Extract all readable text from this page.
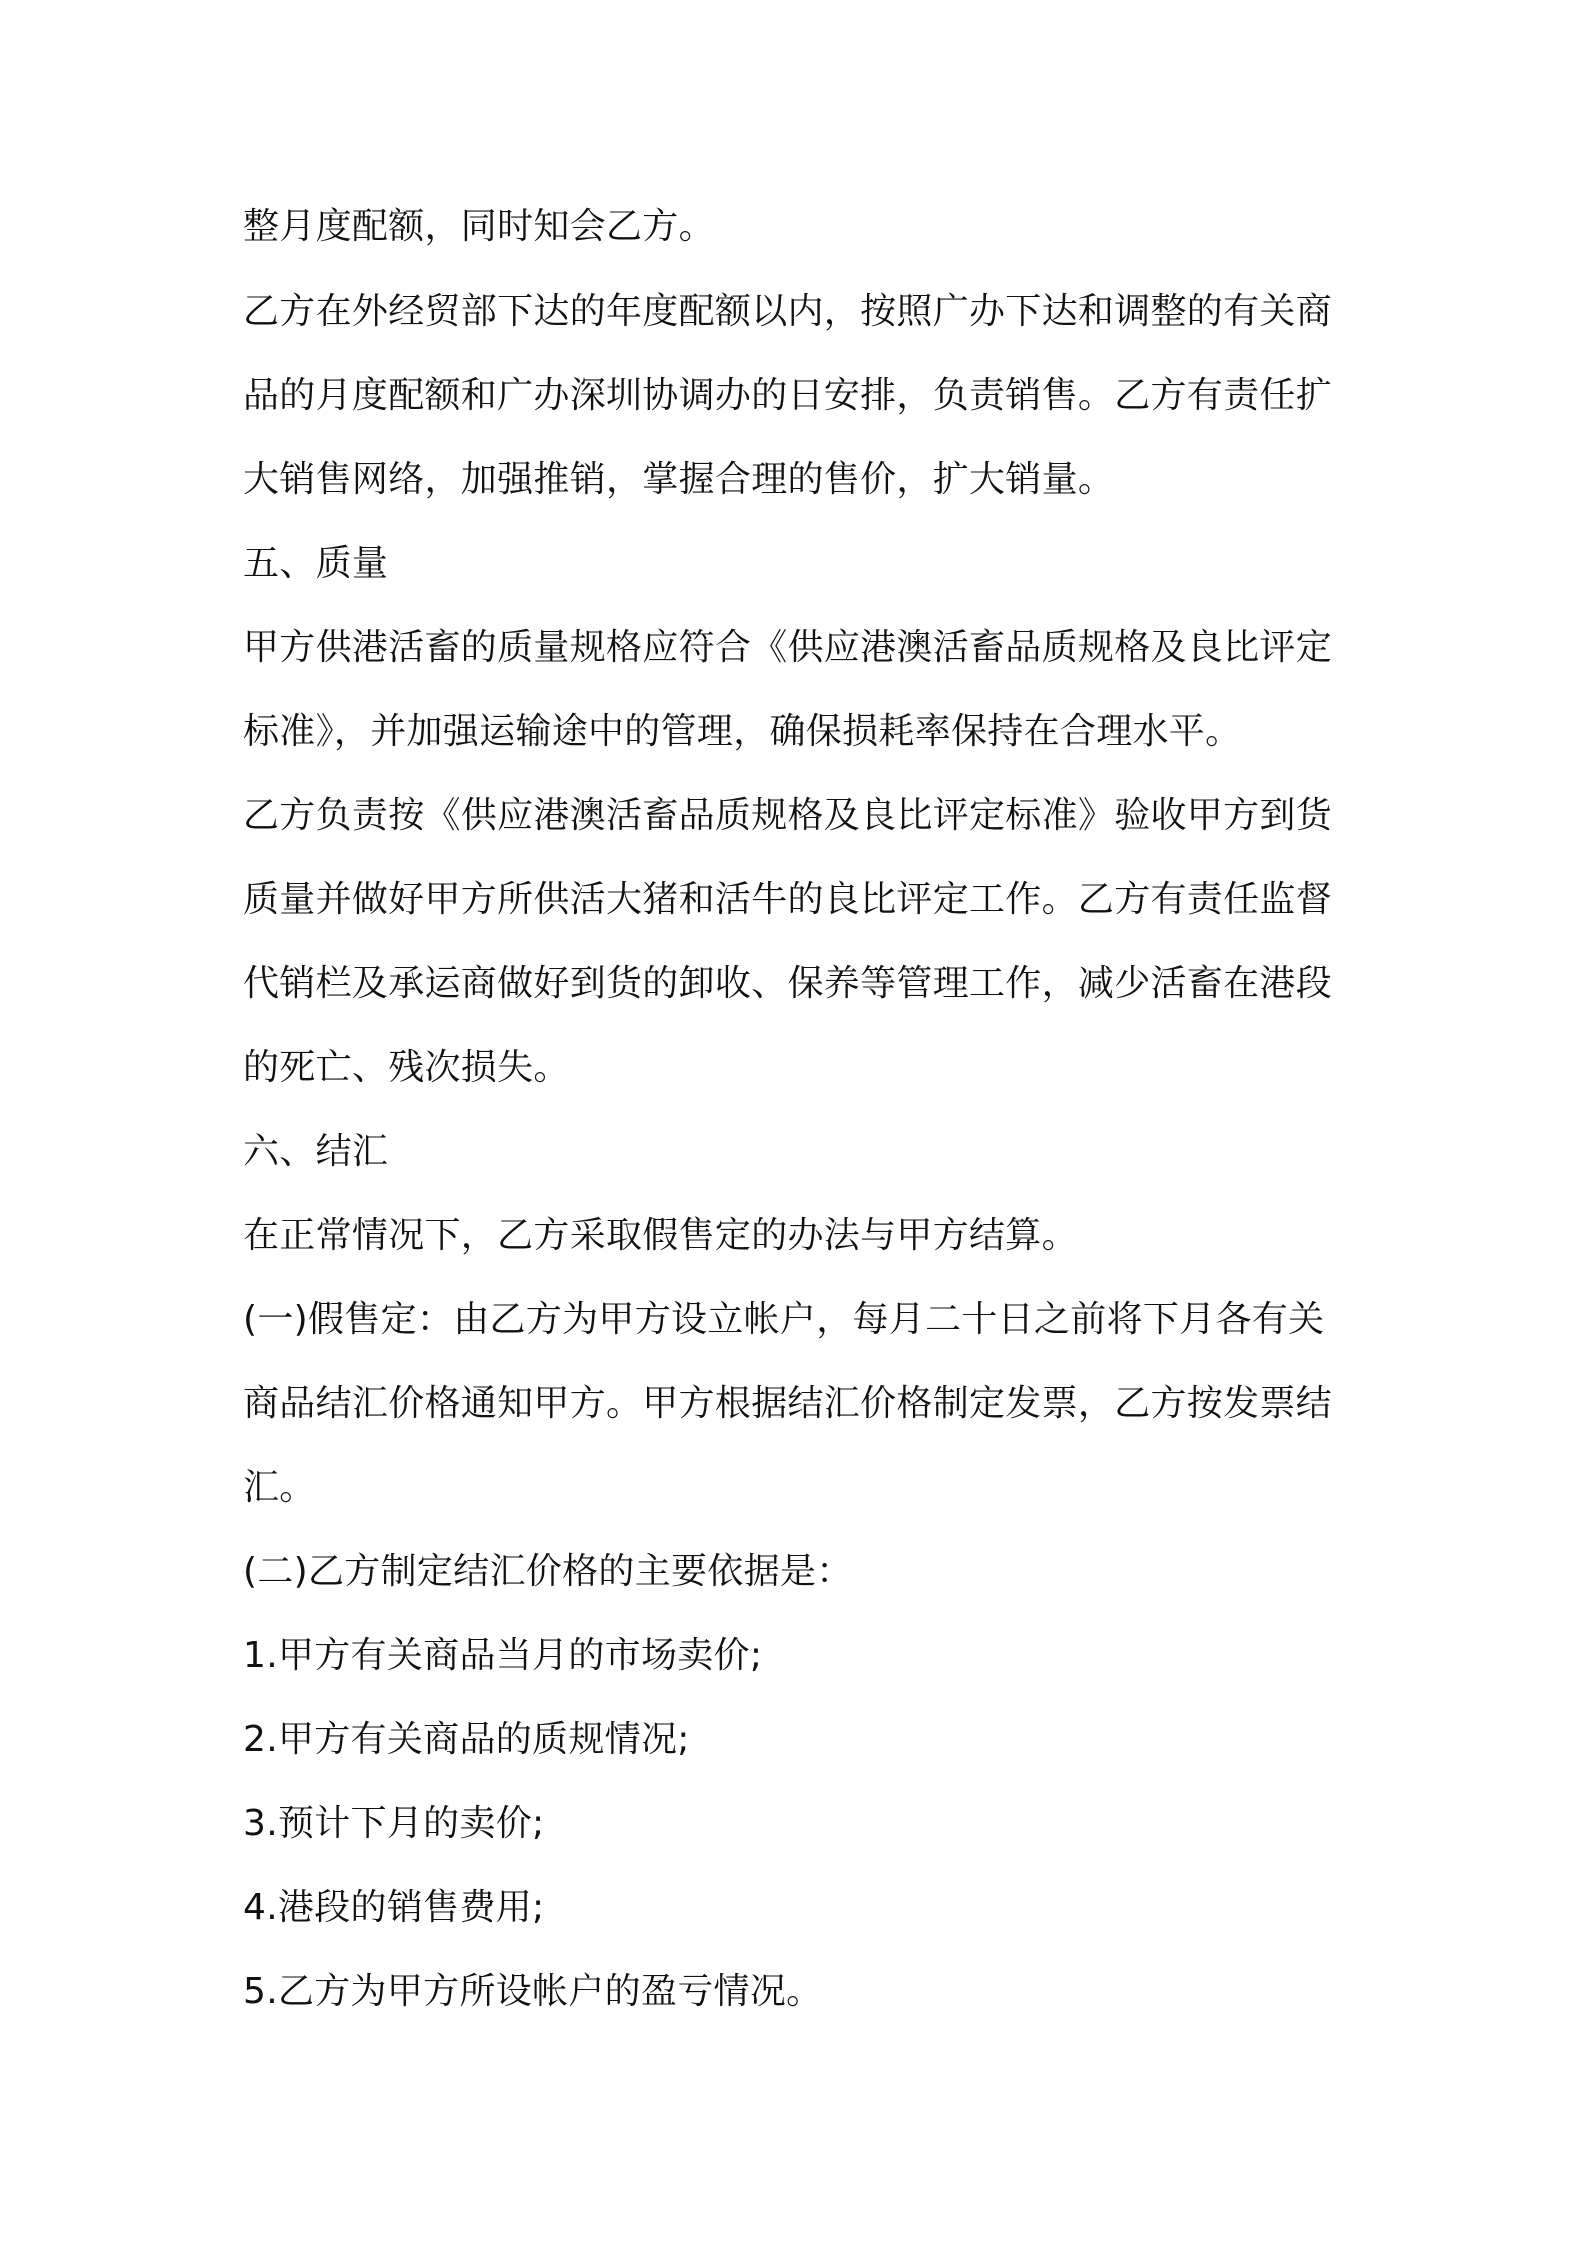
整月度配额，同时知会乙方。

乙方在外经贸部下达的年度配额以内，按照广办下达和调整的有关商

品的月度配额和广办深圳协调办的日安排，负责销售。乙方有责任扩

大销售网络，加强推销，掌握合理的售价，扩大销量。

五、质量

甲方供港活畜的质量规格应符合《供应港澳活畜品质规格及良比评定

标准》，并加强运输途中的管理，确保损耗率保持在合理水平。

乙方负责按《供应港澳活畜品质规格及良比评定标准》验收甲方到货

质量并做好甲方所供活大猪和活牛的良比评定工作。乙方有责任监督

代销栏及承运商做好到货的卸收、保养等管理工作，减少活畜在港段

的死亡、残次损失。

六、结汇

在正常情况下，乙方采取假售定的办法与甲方结算。

(一)假售定：由乙方为甲方设立帐户，每月二十日之前将下月各有关

商品结汇价格通知甲方。甲方根据结汇价格制定发票，乙方按发票结

汇。

(二)乙方制定结汇价格的主要依据是：

1.甲方有关商品当月的市场卖价;

2.甲方有关商品的质规情况;

3.预计下月的卖价;

4.港段的销售费用;

5.乙方为甲方所设帐户的盈亏情况。
